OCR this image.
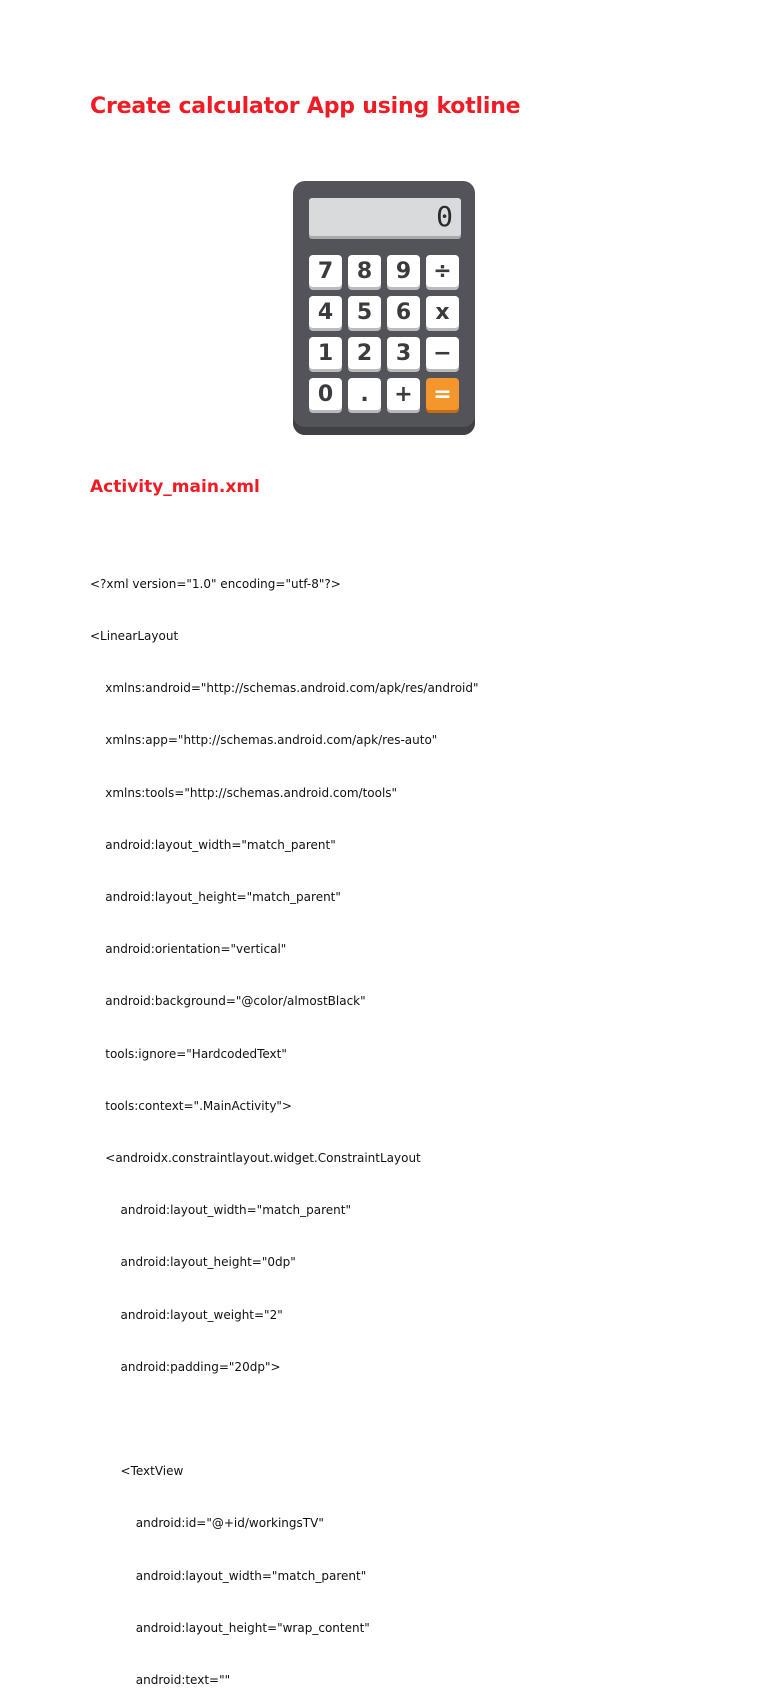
Create calculator App using kotline
0
7	8	9	÷
4	5	6	x
1	2	3	−
0	.	+ =
Activity_main.xml

<?xml version="1.0" encoding="utf-8"?>

<LinearLayout

xmlns:android="http://schemas.android.com/apk/res/android"

xmlns:app="http://schemas.android.com/apk/res-auto"

xmlns:tools="http://schemas.android.com/tools"

android:layout_width="match_parent"

android:layout_height="match_parent"

android:orientation="vertical"

android:background="@color/almostBlack"

tools:ignore="HardcodedText"

tools:context=".MainActivity">

<androidx.constraintlayout.widget.ConstraintLayout

android:layout_width="match_parent"

android:layout_height="0dp"

android:layout_weight="2"

android:padding="20dp">

<TextView

android:id="@+id/workingsTV"

android:layout_width="match_parent"

android:layout_height="wrap_content"

android:text=""
